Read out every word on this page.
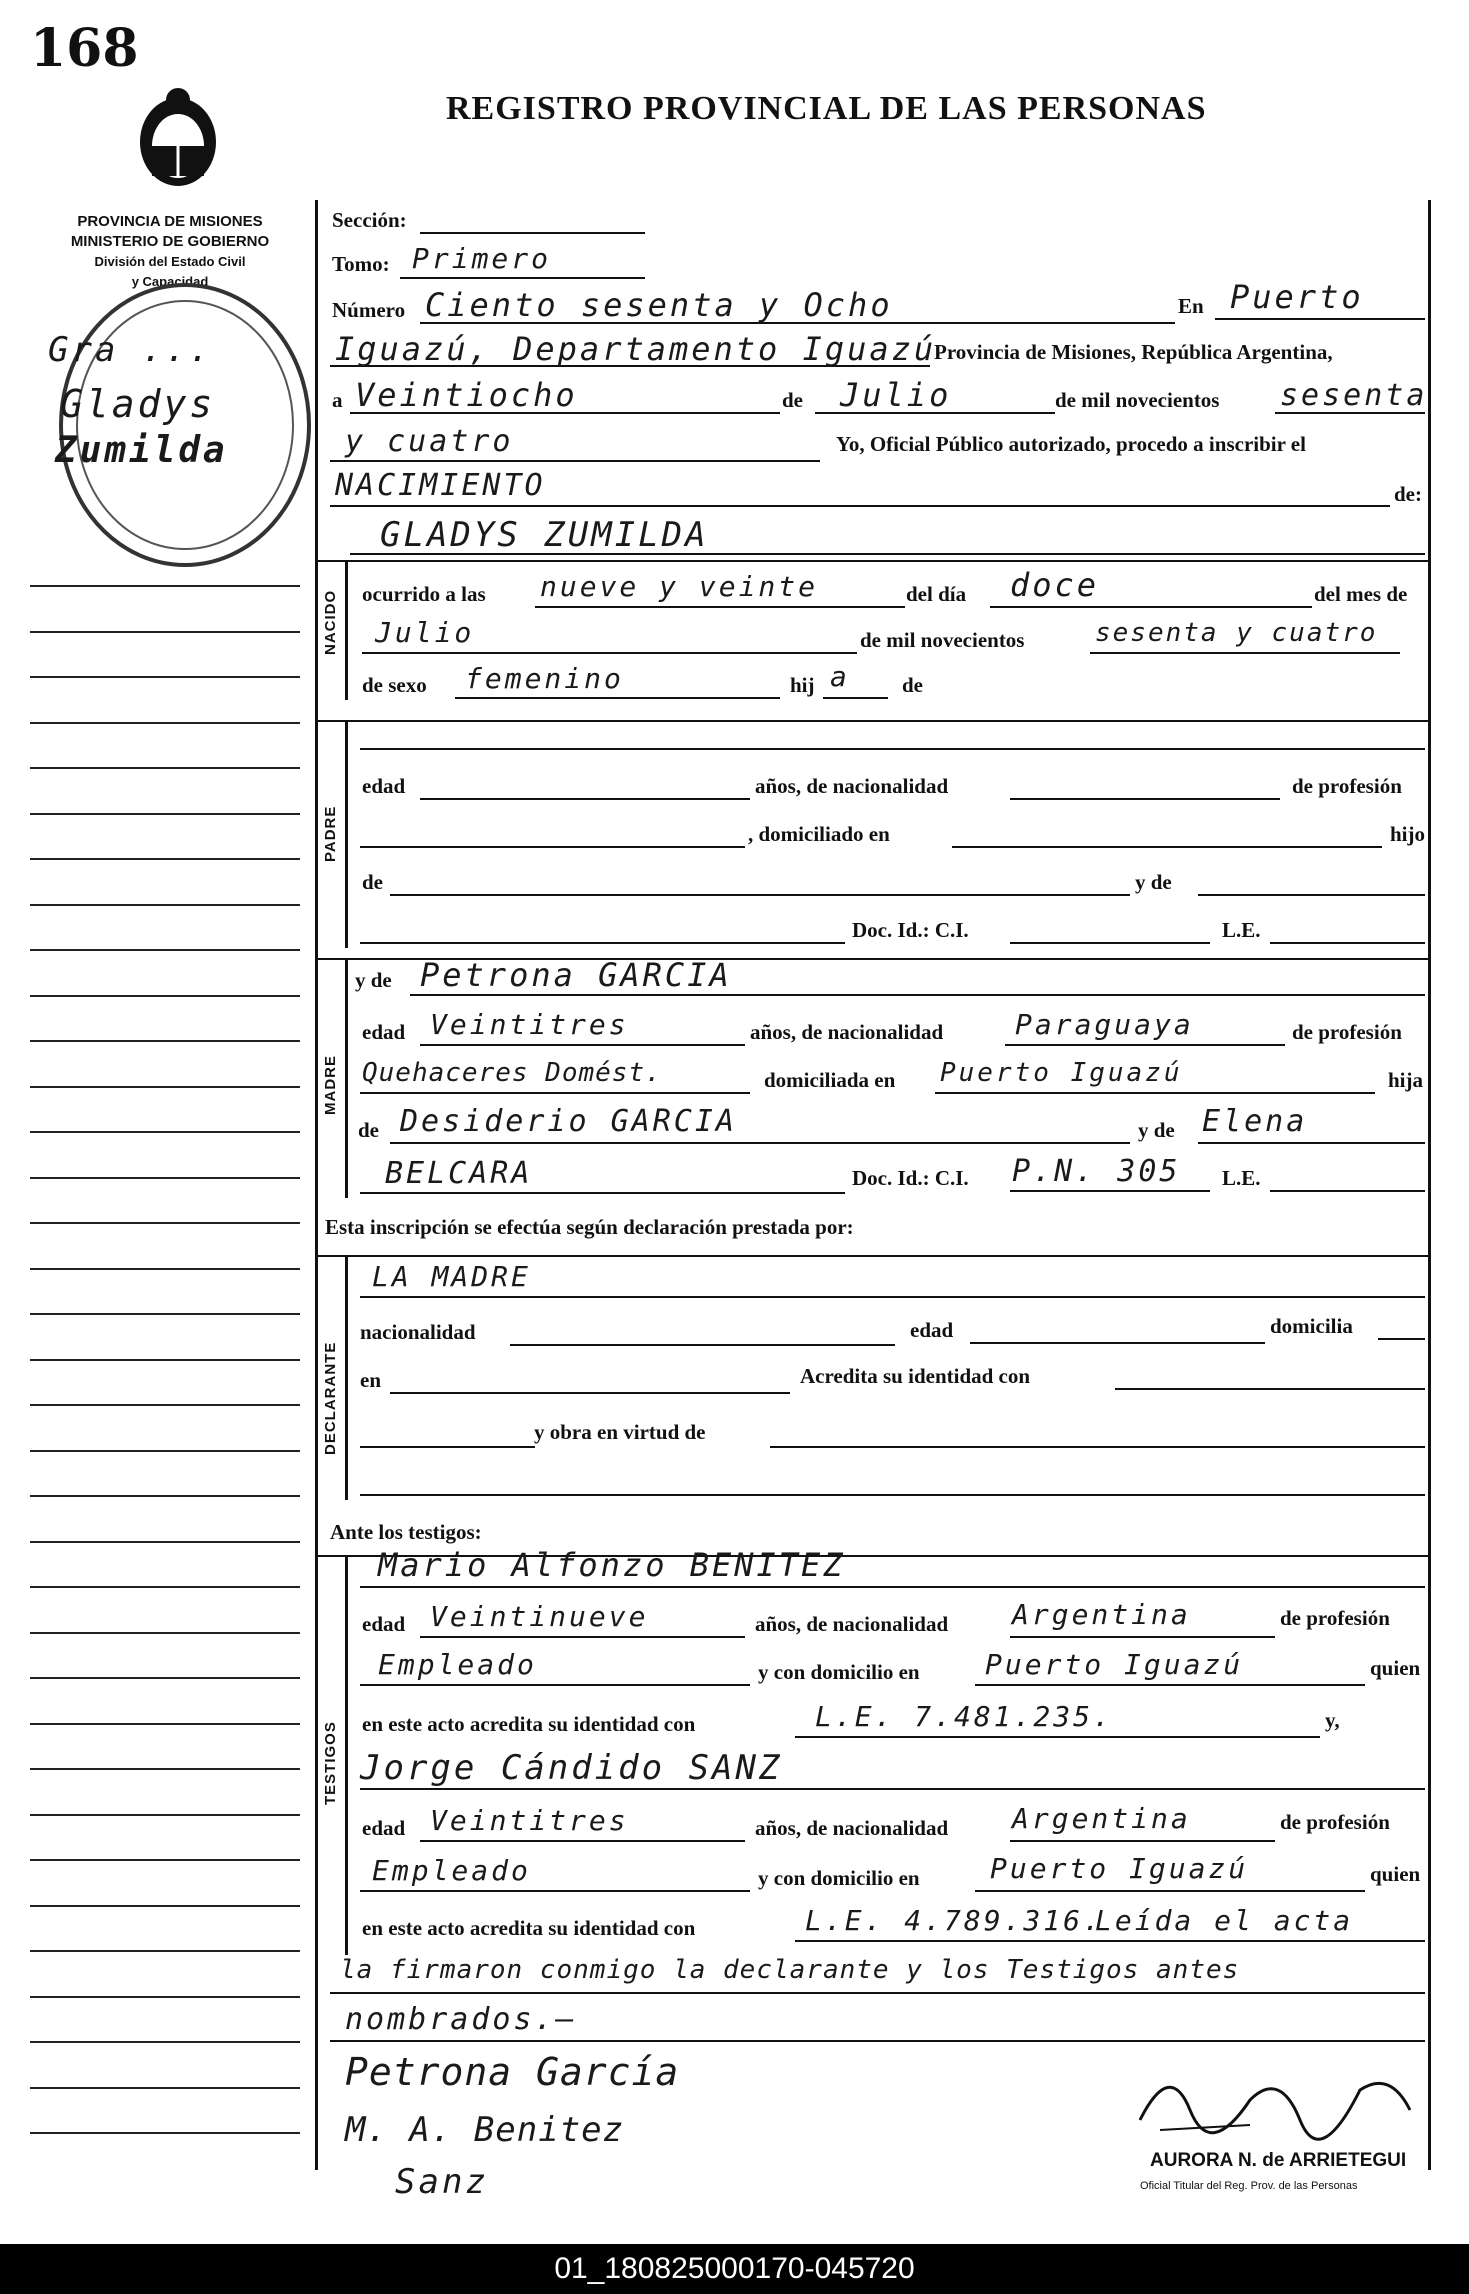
168
REGISTRO PROVINCIAL DE LAS PERSONAS
PROVINCIA DE MISIONES
MINISTERIO DE GOBIERNO
División del Estado Civil
y Capacidad
Gra ...
Gladys
Zumilda
Sección:
Tomo: Primero
Número Ciento sesenta y Ocho	En Puerto
Iguazú, Departamento Iguazú
Provincia de Misiones, República Argentina,
a Veintiocho	de Julio	de mil novecientos sesenta
y cuatro	Yo, Oficial Público autorizado, procedo a inscribir el
NACIMIENTO	de:
GLADYS ZUMILDA
NACIDO ocurrido a las nueve y veinte	del día doce	del mes de
Julio	de mil novecientos	sesenta y cuatro
de sexo femenino	hij a de
PADRE
edad	años, de nacionalidad	de profesión
, domiciliado en	hijo
de	y de
Doc. Id.: C.I.	L.E.
MADRE
y de Petrona GARCIA
edad Veintitres	años, de nacionalidad	Paraguaya	de profesión
Quehaceres Domést.	domiciliada en Puerto Iguazú	hija
de Desiderio GARCIA	y de Elena
BELCARA	Doc. Id.: C.I. P.N. 305 L.E.
Esta inscripción se efectúa según declaración prestada por:
DECLARANTE
LA MADRE
nacionalidad	edad	domicilia
en	Acredita su identidad con
y obra en virtud de
Ante los testigos:
TESTIGOS
Mario Alfonzo BENITEZ
edad Veintinueve	años, de nacionalidad Argentina	de profesión
Empleado	y con domicilio en Puerto Iguazú	quien
en este acto acredita su identidad con	L.E. 7.481.235.	y,
Jorge Cándido SANZ
edad Veintitres	años, de nacionalidad Argentina	de profesión
Empleado	y con domicilio en	Puerto Iguazú	quien
en este acto acredita su identidad con	L.E. 4.789.316.
Leída el acta
la firmaron conmigo la declarante y los Testigos antes
nombrados.—
Petrona García
M. A. Benitez
Sanz
AURORA N. de ARRIETEGUI
Oficial Titular del Reg. Prov. de las Personas
01_180825000170-045720
